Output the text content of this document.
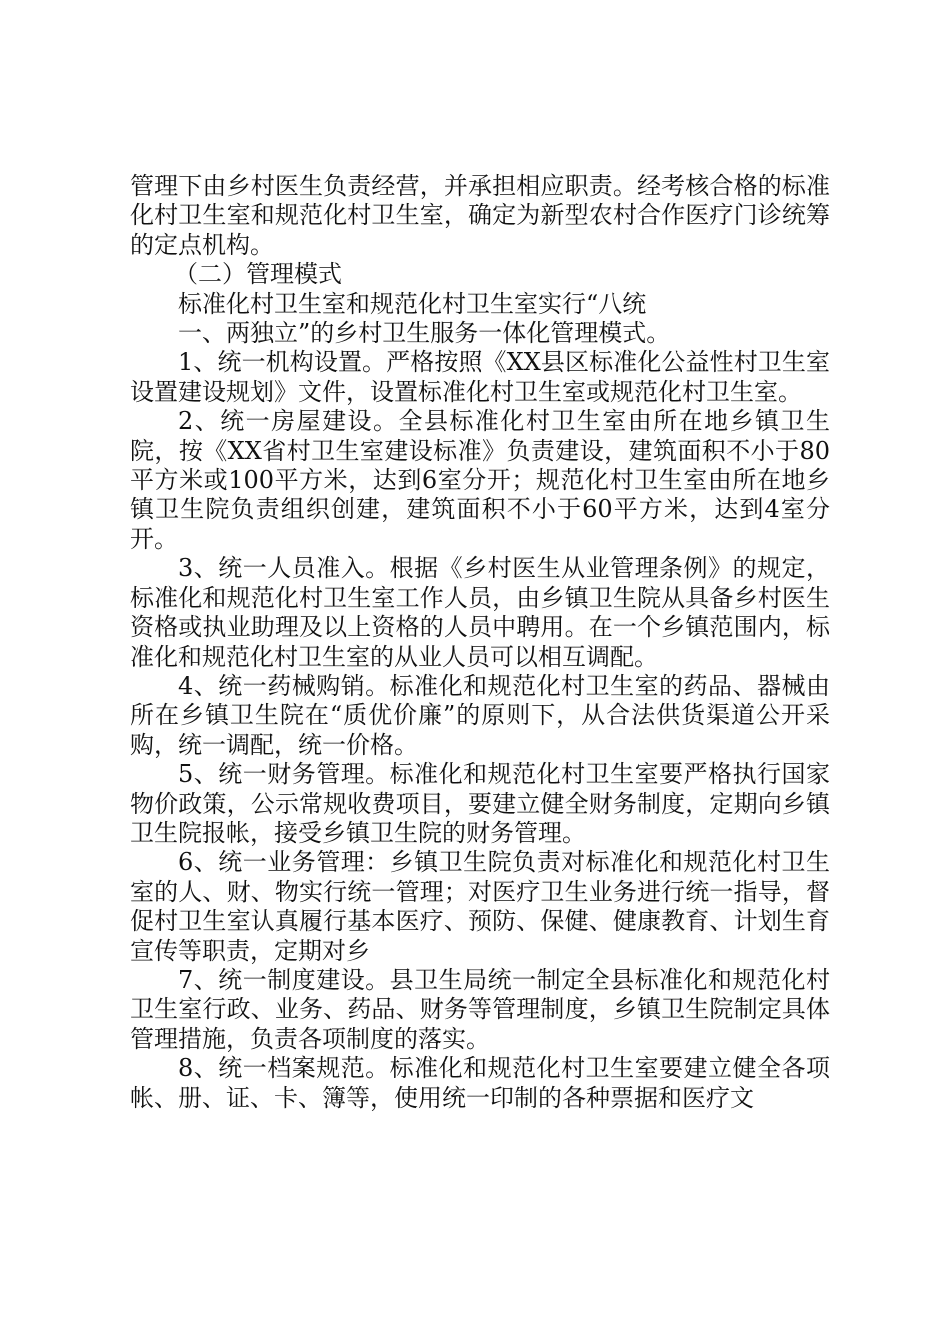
管理下由乡村医生负责经营，并承担相应职责。经考核合格的标准化村卫生室和规范化村卫生室，确定为新型农村合作医疗门诊统筹的定点机构。

（二）管理模式

标准化村卫生室和规范化村卫生室实行“八统

一、两独立”的乡村卫生服务一体化管理模式。

1、统一机构设置。严格按照《XX县区标准化公益性村卫生室设置建设规划》文件，设置标准化村卫生室或规范化村卫生室。

2、统一房屋建设。全县标准化村卫生室由所在地乡镇卫生院，按《XX省村卫生室建设标准》负责建设，建筑面积不小于80平方米或100平方米，达到6室分开；规范化村卫生室由所在地乡镇卫生院负责组织创建，建筑面积不小于60平方米，达到4室分开。

3、统一人员准入。根据《乡村医生从业管理条例》的规定，标准化和规范化村卫生室工作人员，由乡镇卫生院从具备乡村医生资格或执业助理及以上资格的人员中聘用。在一个乡镇范围内，标准化和规范化村卫生室的从业人员可以相互调配。

4、统一药械购销。标准化和规范化村卫生室的药品、器械由所在乡镇卫生院在“质优价廉”的原则下，从合法供货渠道公开采购，统一调配，统一价格。

5、统一财务管理。标准化和规范化村卫生室要严格执行国家物价政策，公示常规收费项目，要建立健全财务制度，定期向乡镇卫生院报帐，接受乡镇卫生院的财务管理。

6、统一业务管理：乡镇卫生院负责对标准化和规范化村卫生室的人、财、物实行统一管理；对医疗卫生业务进行统一指导，督促村卫生室认真履行基本医疗、预防、保健、健康教育、计划生育宣传等职责，定期对乡

7、统一制度建设。县卫生局统一制定全县标准化和规范化村卫生室行政、业务、药品、财务等管理制度，乡镇卫生院制定具体管理措施，负责各项制度的落实。

8、统一档案规范。标准化和规范化村卫生室要建立健全各项帐、册、证、卡、簿等，使用统一印制的各种票据和医疗文
